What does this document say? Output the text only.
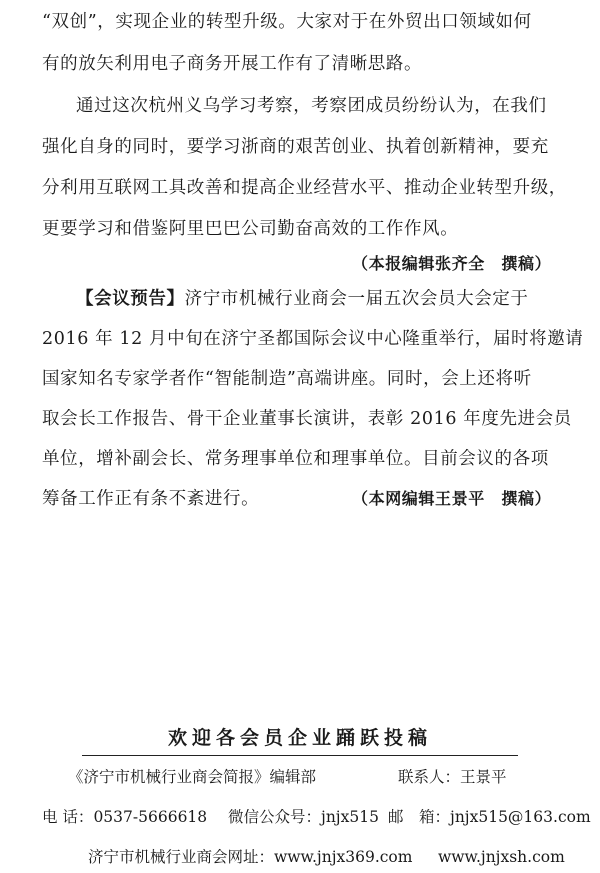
“双创”，实现企业的转型升级。大家对于在外贸出口领域如何
有的放矢利用电子商务开展工作有了清晰思路。
通过这次杭州义乌学习考察，考察团成员纷纷认为，在我们
强化自身的同时，要学习浙商的艰苦创业、执着创新精神，要充
分利用互联网工具改善和提高企业经营水平、推动企业转型升级，
更要学习和借鉴阿里巴巴公司勤奋高效的工作作风。
（本报编辑张齐全　撰稿）
【会议预告】济宁市机械行业商会一届五次会员大会定于
2016 年 12 月中旬在济宁圣都国际会议中心隆重举行，届时将邀请
国家知名专家学者作“智能制造”高端讲座。同时，会上还将听
取会长工作报告、骨干企业董事长演讲，表彰 2016 年度先进会员
单位，增补副会长、常务理事单位和理事单位。目前会议的各项
筹备工作正有条不紊进行。	（本网编辑王景平　撰稿）
欢迎各会员企业踊跃投稿
《济宁市机械行业商会简报》编辑部	联系人：王景平
电 话：0537-5666618 微信公众号：jnjx515 邮　箱：jnjx515@163.com
济宁市机械行业商会网址：www.jnjx369.com www.jnjxsh.com
